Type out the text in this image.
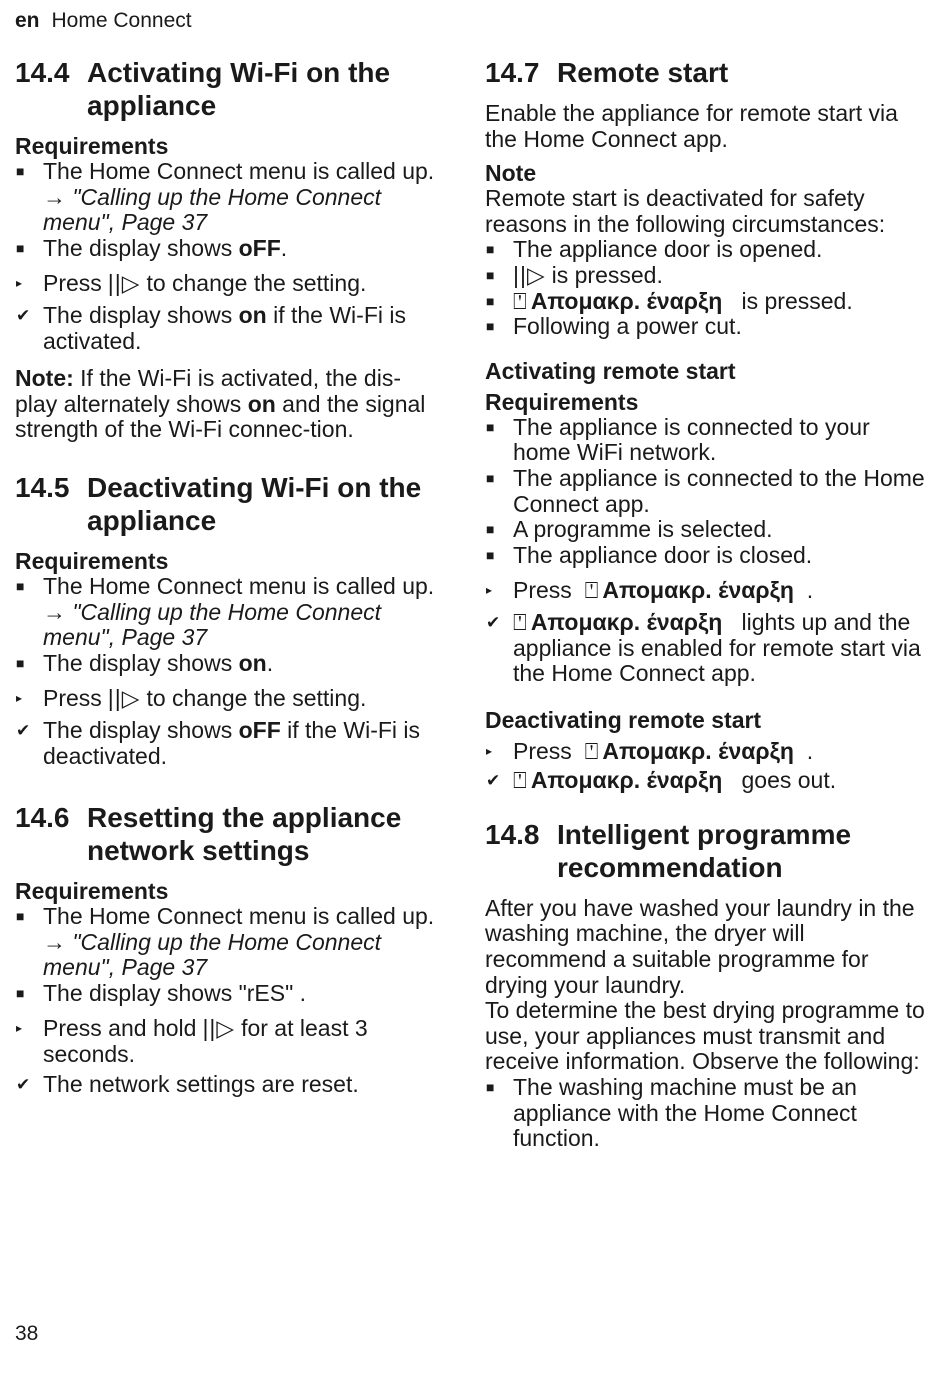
en Home Connect
14.4 Activating Wi-Fi on the appliance

Requirements

■ The Home Connect menu is called up.
→ "Calling up the Home Connect menu", Page 37
■ The display shows oFF.
▸ Press ||▷ to change the setting.
✔ The display shows on if the Wi-Fi is activated.

Note: If the Wi-Fi is activated, the dis-play alternately shows on and the signal strength of the Wi-Fi connec-tion.

14.5 Deactivating Wi-Fi on the appliance

Requirements

■ The Home Connect menu is called up.
→ "Calling up the Home Connect menu", Page 37
■ The display shows on.
▸ Press ||▷ to change the setting.
✔ The display shows oFF if the Wi-Fi is deactivated.
14.6 Resetting the appliance network settings

Requirements

■ The Home Connect menu is called up.
→ "Calling up the Home Connect menu", Page 37
■ The display shows "rES" .
▸ Press and hold ||▷ for at least 3 seconds.
✔ The network settings are reset.
14.7 Remote start

Enable the appliance for remote start via the Home Connect app.

Note

Remote start is deactivated for safety reasons in the following circumstances:

■ The appliance door is opened.
■ ||▷ is pressed.
■ ⍞ Απομακρ. έναρξη is pressed.
■ Following a power cut.

Activating remote start

Requirements

■ The appliance is connected to your home WiFi network.
■ The appliance is connected to the Home Connect app.
■ A programme is selected.
■ The appliance door is closed.
▸ Press ⍞ Απομακρ. έναρξη .
✔ ⍞ Απομακρ. έναρξη lights up and the appliance is enabled for remote start via the Home Connect app.

Deactivating remote start

▸ Press ⍞ Απομακρ. έναρξη .
✔ ⍞ Απομακρ. έναρξη goes out.
14.8 Intelligent programme recommendation

After you have washed your laundry in the washing machine, the dryer will recommend a suitable programme for drying your laundry.

To determine the best drying programme to use, your appliances must transmit and receive information. Observe the following:

■ The washing machine must be an appliance with the Home Connect function.
38
